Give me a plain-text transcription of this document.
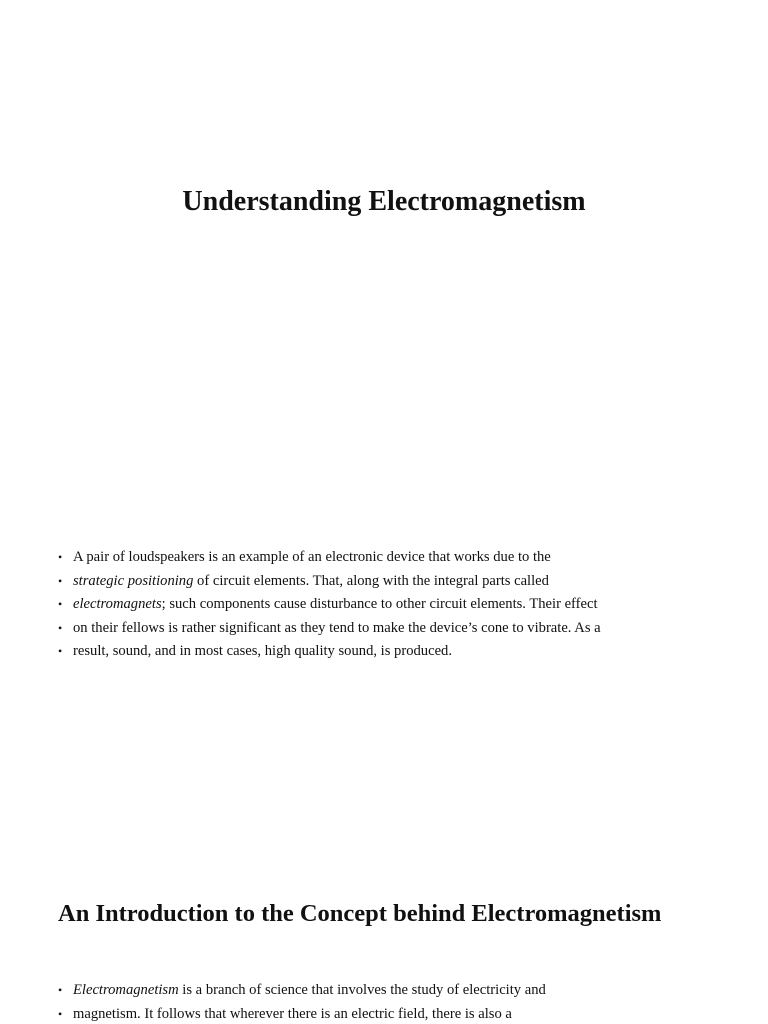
Understanding Electromagnetism
• A pair of loudspeakers is an example of an electronic device that works due to the
• strategic positioning of circuit elements. That, along with the integral parts called
• electromagnets; such components cause disturbance to other circuit elements. Their effect
• on their fellows is rather significant as they tend to make the device’s cone to vibrate. As a
• result, sound, and in most cases, high quality sound, is produced.
An Introduction to the Concept behind Electromagnetism
• Electromagnetism is a branch of science that involves the study of electricity and
• magnetism. It follows that wherever there is an electric field, there is also a
